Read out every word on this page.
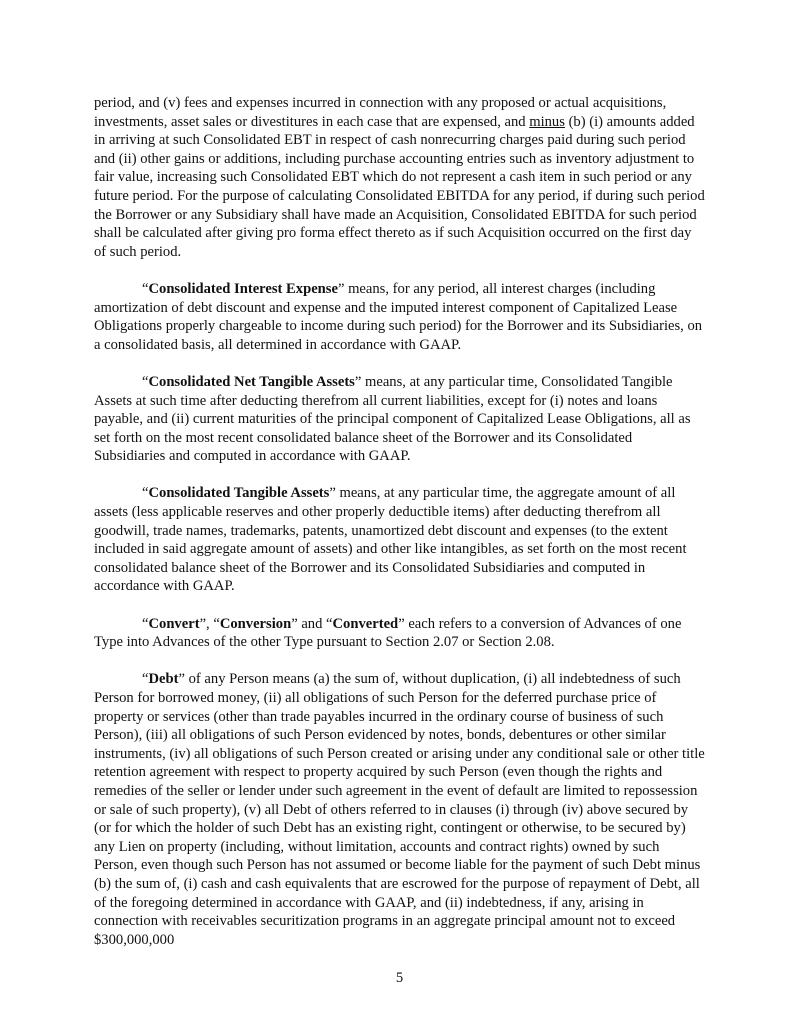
period, and (v) fees and expenses incurred in connection with any proposed or actual acquisitions, investments, asset sales or divestitures in each case that are expensed, and minus (b) (i) amounts added in arriving at such Consolidated EBT in respect of cash nonrecurring charges paid during such period and (ii) other gains or additions, including purchase accounting entries such as inventory adjustment to fair value, increasing such Consolidated EBT which do not represent a cash item in such period or any future period. For the purpose of calculating Consolidated EBITDA for any period, if during such period the Borrower or any Subsidiary shall have made an Acquisition, Consolidated EBITDA for such period shall be calculated after giving pro forma effect thereto as if such Acquisition occurred on the first day of such period.

“Consolidated Interest Expense” means, for any period, all interest charges (including amortization of debt discount and expense and the imputed interest component of Capitalized Lease Obligations properly chargeable to income during such period) for the Borrower and its Subsidiaries, on a consolidated basis, all determined in accordance with GAAP.

“Consolidated Net Tangible Assets” means, at any particular time, Consolidated Tangible Assets at such time after deducting therefrom all current liabilities, except for (i) notes and loans payable, and (ii) current maturities of the principal component of Capitalized Lease Obligations, all as set forth on the most recent consolidated balance sheet of the Borrower and its Consolidated Subsidiaries and computed in accordance with GAAP.

“Consolidated Tangible Assets” means, at any particular time, the aggregate amount of all assets (less applicable reserves and other properly deductible items) after deducting therefrom all goodwill, trade names, trademarks, patents, unamortized debt discount and expenses (to the extent included in said aggregate amount of assets) and other like intangibles, as set forth on the most recent consolidated balance sheet of the Borrower and its Consolidated Subsidiaries and computed in accordance with GAAP.

“Convert”, “Conversion” and “Converted” each refers to a conversion of Advances of one Type into Advances of the other Type pursuant to Section 2.07 or Section 2.08.

“Debt” of any Person means (a) the sum of, without duplication, (i) all indebtedness of such Person for borrowed money, (ii) all obligations of such Person for the deferred purchase price of property or services (other than trade payables incurred in the ordinary course of business of such Person), (iii) all obligations of such Person evidenced by notes, bonds, debentures or other similar instruments, (iv) all obligations of such Person created or arising under any conditional sale or other title retention agreement with respect to property acquired by such Person (even though the rights and remedies of the seller or lender under such agreement in the event of default are limited to repossession or sale of such property), (v) all Debt of others referred to in clauses (i) through (iv) above secured by (or for which the holder of such Debt has an existing right, contingent or otherwise, to be secured by) any Lien on property (including, without limitation, accounts and contract rights) owned by such Person, even though such Person has not assumed or become liable for the payment of such Debt minus (b) the sum of, (i) cash and cash equivalents that are escrowed for the purpose of repayment of Debt, all of the foregoing determined in accordance with GAAP, and (ii) indebtedness, if any, arising in connection with receivables securitization programs in an aggregate principal amount not to exceed $300,000,000

5
